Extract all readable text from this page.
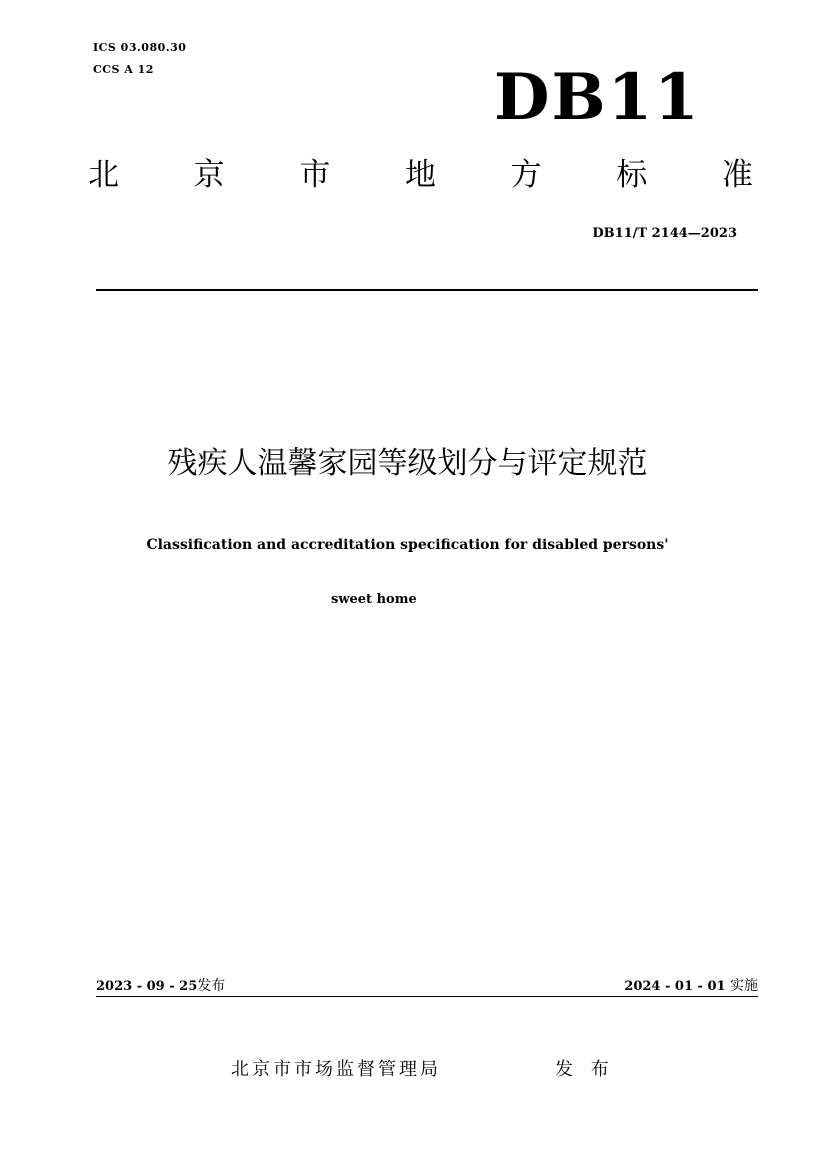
ICS 03.080.30
CCS A 12	DB11
北 京 市 地 方 标 准
DB11/T 2144—2023
残疾人温馨家园等级划分与评定规范
Classification and accreditation specification for disabled persons'
sweet home
2023 - 09 - 25发布	2024 - 01 - 01 实施
北京市市场监督管理局	发 布
